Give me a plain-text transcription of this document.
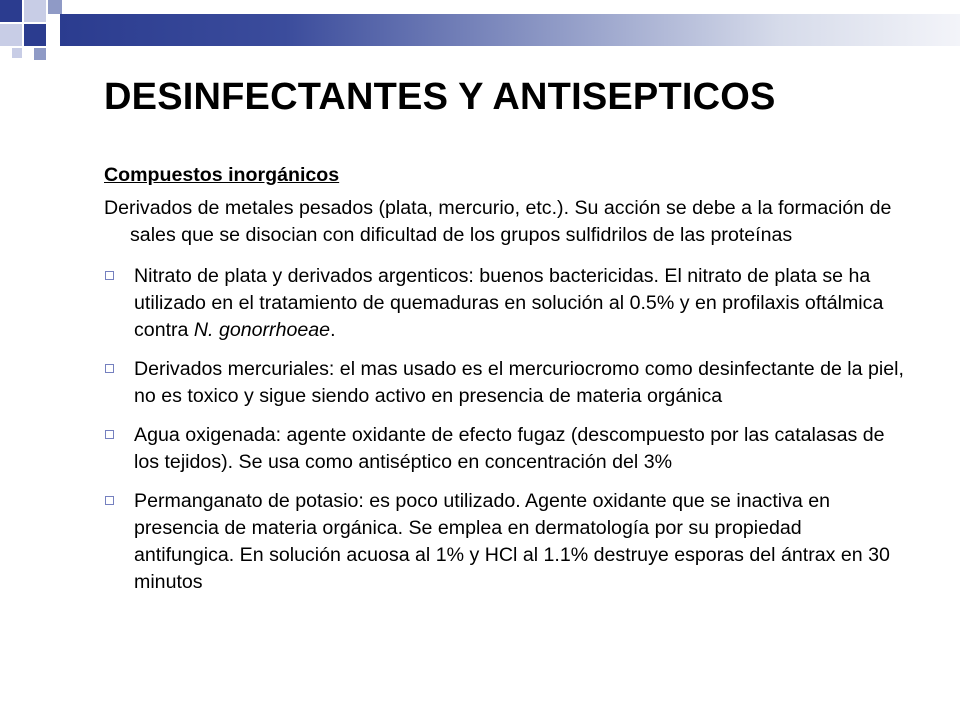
DESINFECTANTES Y ANTISEPTICOS

Compuestos inorgánicos

Derivados de metales pesados (plata, mercurio, etc.). Su acción se debe a la formación de sales que se disocian con dificultad de los grupos sulfidrilos de las proteínas

Nitrato de plata y derivados argenticos: buenos bactericidas. El nitrato de plata se ha utilizado en el tratamiento de quemaduras en solución al 0.5% y en profilaxis oftálmica contra N. gonorrhoeae.
Derivados mercuriales: el mas usado es el mercuriocromo como desinfectante de la piel, no es toxico y sigue siendo activo en presencia de materia orgánica
Agua oxigenada: agente oxidante de efecto fugaz (descompuesto por las catalasas de los tejidos). Se usa como antiséptico en concentración del 3%
Permanganato de potasio: es poco utilizado. Agente oxidante que se inactiva en presencia de materia orgánica. Se emplea en dermatología por su propiedad antifungica. En solución acuosa al 1% y HCl al 1.1% destruye esporas del ántrax en 30 minutos
